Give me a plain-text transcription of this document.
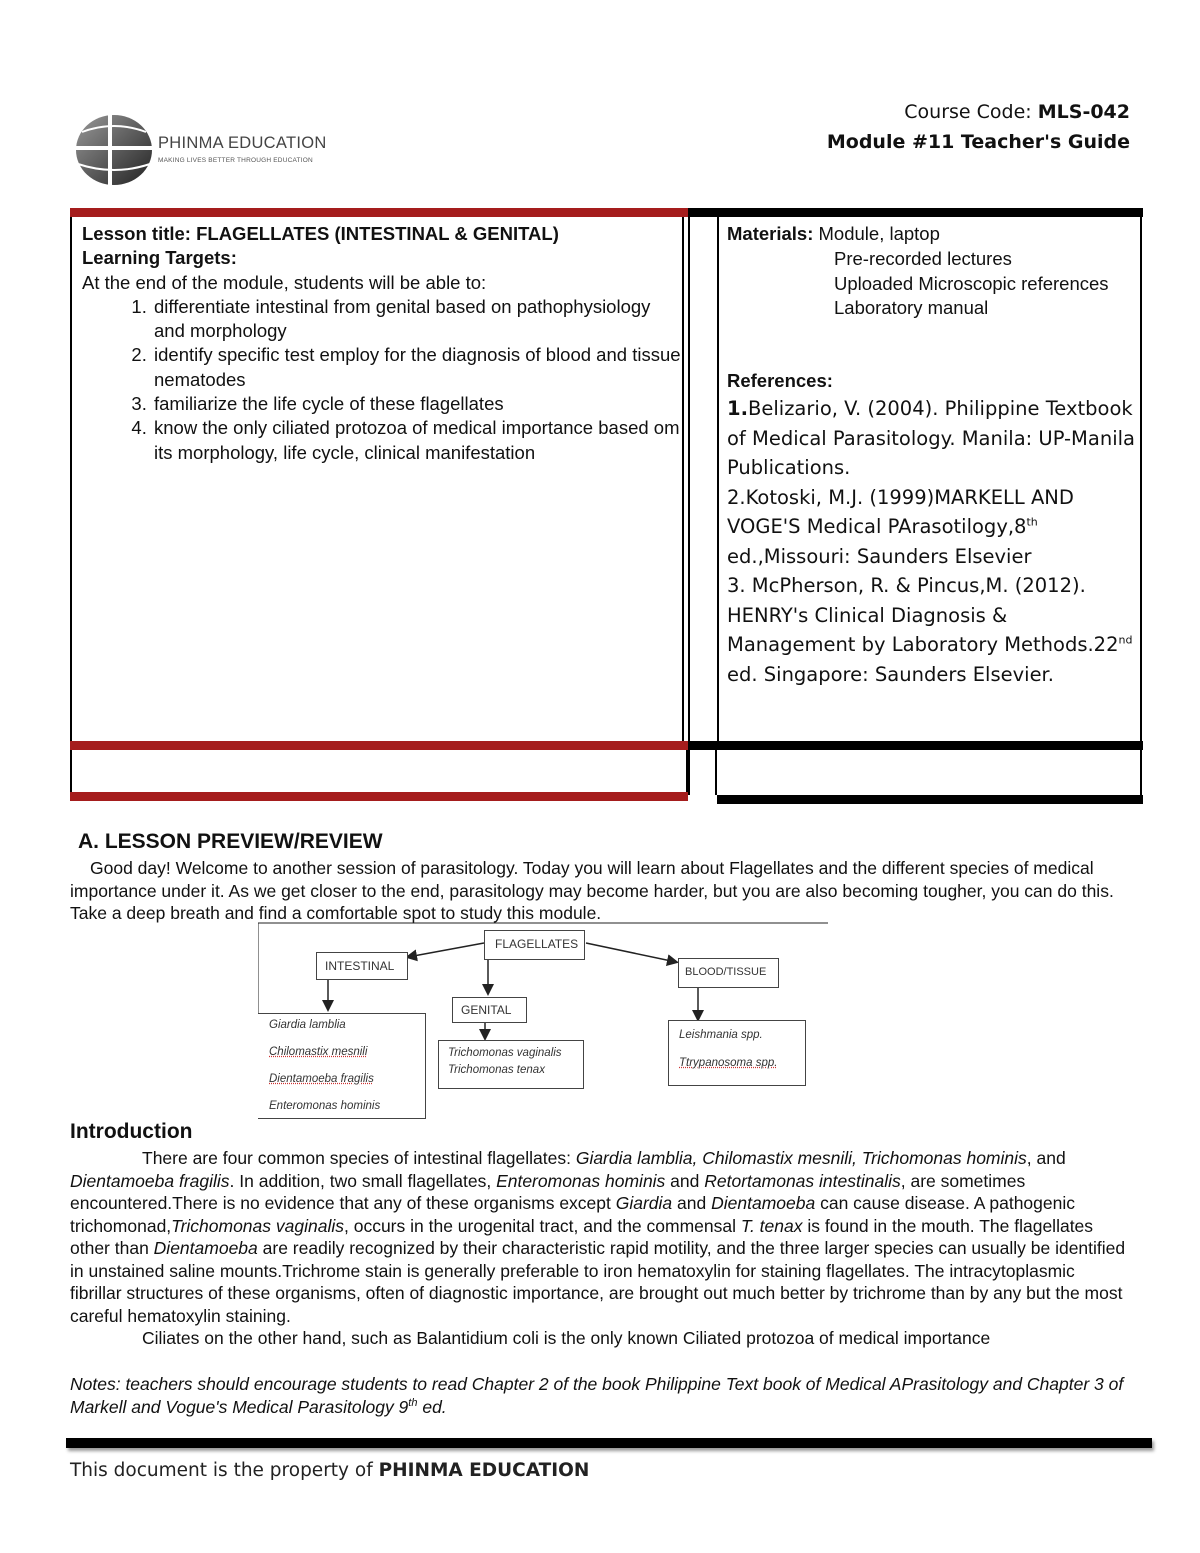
PHINMA EDUCATION
MAKING LIVES BETTER THROUGH EDUCATION
Course Code: MLS-042
Module #11 Teacher's Guide
Lesson title: FLAGELLATES (INTESTINAL & GENITAL)
Learning Targets:
At the end of the module, students will be able to:
1. differentiate intestinal from genital based on pathophysiology and morphology
2. identify specific test employ for the diagnosis of blood and tissue nematodes
3. familiarize the life cycle of these flagellates
4. know the only ciliated protozoa of medical importance based om its morphology, life cycle, clinical manifestation
Materials: Module, laptop
Pre-recorded lectures
Uploaded Microscopic references
Laboratory manual
References:
1.Belizario, V. (2004). Philippine Textbook of Medical Parasitology. Manila: UP-Manila Publications.
2.Kotoski, M.J. (1999)MARKELL AND VOGE'S Medical PArasotilogy,8th ed.,Missouri: Saunders Elsevier
3. McPherson, R. & Pincus,M. (2012). HENRY's Clinical Diagnosis & Management by Laboratory Methods.22nd ed. Singapore: Saunders Elsevier.
A. LESSON PREVIEW/REVIEW
Good day! Welcome to another session of parasitology. Today you will learn about Flagellates and the different species of medical importance under it. As we get closer to the end, parasitology may become harder, but you are also becoming tougher, you can do this. Take a deep breath and find a comfortable spot to study this module.
FLAGELLATES
INTESTINAL
GENITAL
BLOOD/TISSUE
Giardia lamblia
Chilomastix mesnili
Dientamoeba fragilis
Enteromonas hominis
Trichomonas vaginalis
Trichomonas tenax
Leishmania spp.
Ttrypanosoma spp.
Introduction
There are four common species of intestinal flagellates: Giardia lamblia, Chilomastix mesnili, Trichomonas hominis, and Dientamoeba fragilis. In addition, two small flagellates, Enteromonas hominis and Retortamonas intestinalis, are sometimes encountered.There is no evidence that any of these organisms except Giardia and Dientamoeba can cause disease. A pathogenic trichomonad,Trichomonas vaginalis, occurs in the urogenital tract, and the commensal T. tenax is found in the mouth. The flagellates other than Dientamoeba are readily recognized by their characteristic rapid motility, and the three larger species can usually be identified in unstained saline mounts.Trichrome stain is generally preferable to iron hematoxylin for staining flagellates. The intracytoplasmic fibrillar structures of these organisms, often of diagnostic importance, are brought out much better by trichrome than by any but the most careful hematoxylin staining.
Ciliates on the other hand, such as Balantidium coli is the only known Ciliated protozoa of medical importance
Notes: teachers should encourage students to read Chapter 2 of the book Philippine Text book of Medical APrasitology and Chapter 3 of Markell and Vogue's Medical Parasitology 9th ed.
This document is the property of PHINMA EDUCATION
